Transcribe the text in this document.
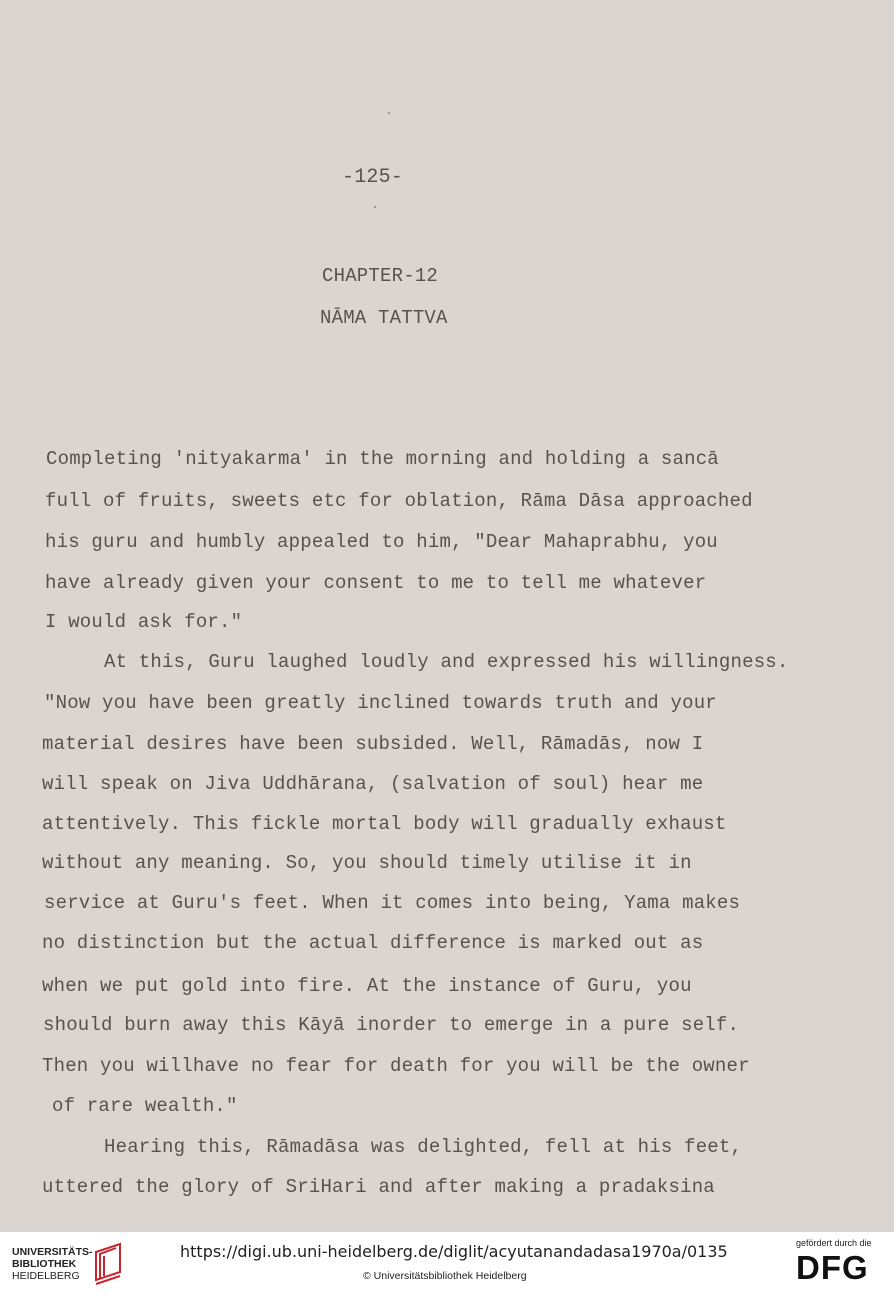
-125-
CHAPTER-12
NĀMA TATTVA
Completing 'nityakarma' in the morning and holding a sancā
full of fruits, sweets etc for oblation, Rāma Dāsa approached
his guru and humbly appealed to him, "Dear Mahaprabhu, you
have already given your consent to me to tell me whatever
I would ask for."
At this, Guru laughed loudly and expressed his willingness.
"Now you have been greatly inclined towards truth and your
material desires have been subsided. Well, Rāmadās, now I
will speak on Jiva Uddhārana, (salvation of soul) hear me
attentively. This fickle mortal body will gradually exhaust
without any meaning. So, you should timely utilise it in
service at Guru's feet. When it comes into being, Yama makes
no distinction but the actual difference is marked out as
when we put gold into fire. At the instance of Guru, you
should burn away this Kāyā inorder to emerge in a pure self.
Then you willhave no fear for death for you will be the owner
of rare wealth."
Hearing this, Rāmadāsa was delighted, fell at his feet,
uttered the glory of SriHari and after making a pradaksina
UNIVERSITÄTS-
BIBLIOTHEK
HEIDELBERG
https://digi.ub.uni-heidelberg.de/diglit/acyutanandadasa1970a/0135
© Universitätsbibliothek Heidelberg
gefördert durch die
DFG
